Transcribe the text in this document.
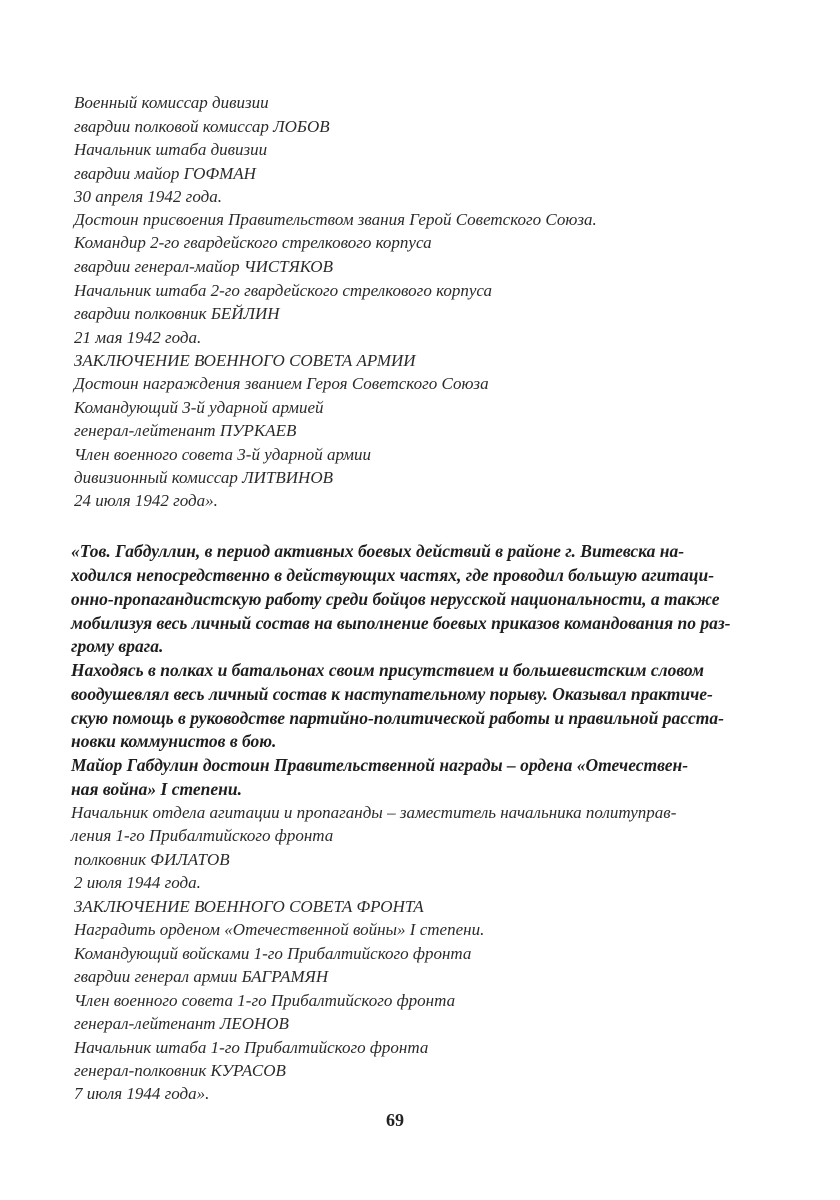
Военный комиссар дивизии
гвардии полковой комиссар ЛОБОВ
Начальник штаба дивизии
гвардии майор ГОФМАН
30 апреля 1942 года.
Достоин присвоения Правительством звания Герой Советского Союза.
Командир 2-го гвардейского стрелкового корпуса
гвардии генерал-майор ЧИСТЯКОВ
Начальник штаба 2-го гвардейского стрелкового корпуса
гвардии полковник БЕЙЛИН
21 мая 1942 года.
ЗАКЛЮЧЕНИЕ ВОЕННОГО СОВЕТА АРМИИ
Достоин награждения званием Героя Советского Союза
Командующий 3-й ударной армией
генерал-лейтенант ПУРКАЕВ
Член военного совета 3-й ударной армии
дивизионный комиссар ЛИТВИНОВ
24 июля 1942 года».
«Тов. Габдуллин, в период активных боевых действий в районе г. Витевска на-
ходился непосредственно в действующих частях, где проводил большую агитаци-
онно-пропагандистскую работу среди бойцов нерусской национальности, а также
мобилизуя весь личный состав на выполнение боевых приказов командования по раз-
грому врага.
Находясь в полках и батальонах своим присутствием и большевистским словом
воодушевлял весь личный состав к наступательному порыву. Оказывал практиче-
скую помощь в руководстве партийно-политической работы и правильной расста-
новки коммунистов в бою.
Майор Габдулин достоин Правительственной награды – ордена «Отечествен-
ная война» I степени.
Начальник отдела агитации и пропаганды – заместитель начальника политуправ-
ления 1-го Прибалтийского фронта
полковник ФИЛАТОВ
2 июля 1944 года.
ЗАКЛЮЧЕНИЕ ВОЕННОГО СОВЕТА ФРОНТА
Наградить орденом «Отечественной войны» I степени.
Командующий войсками 1-го Прибалтийского фронта
гвардии генерал армии БАГРАМЯН
Член военного совета 1-го Прибалтийского фронта
генерал-лейтенант ЛЕОНОВ
Начальник штаба 1-го Прибалтийского фронта
генерал-полковник КУРАСОВ
7 июля 1944 года».
69
